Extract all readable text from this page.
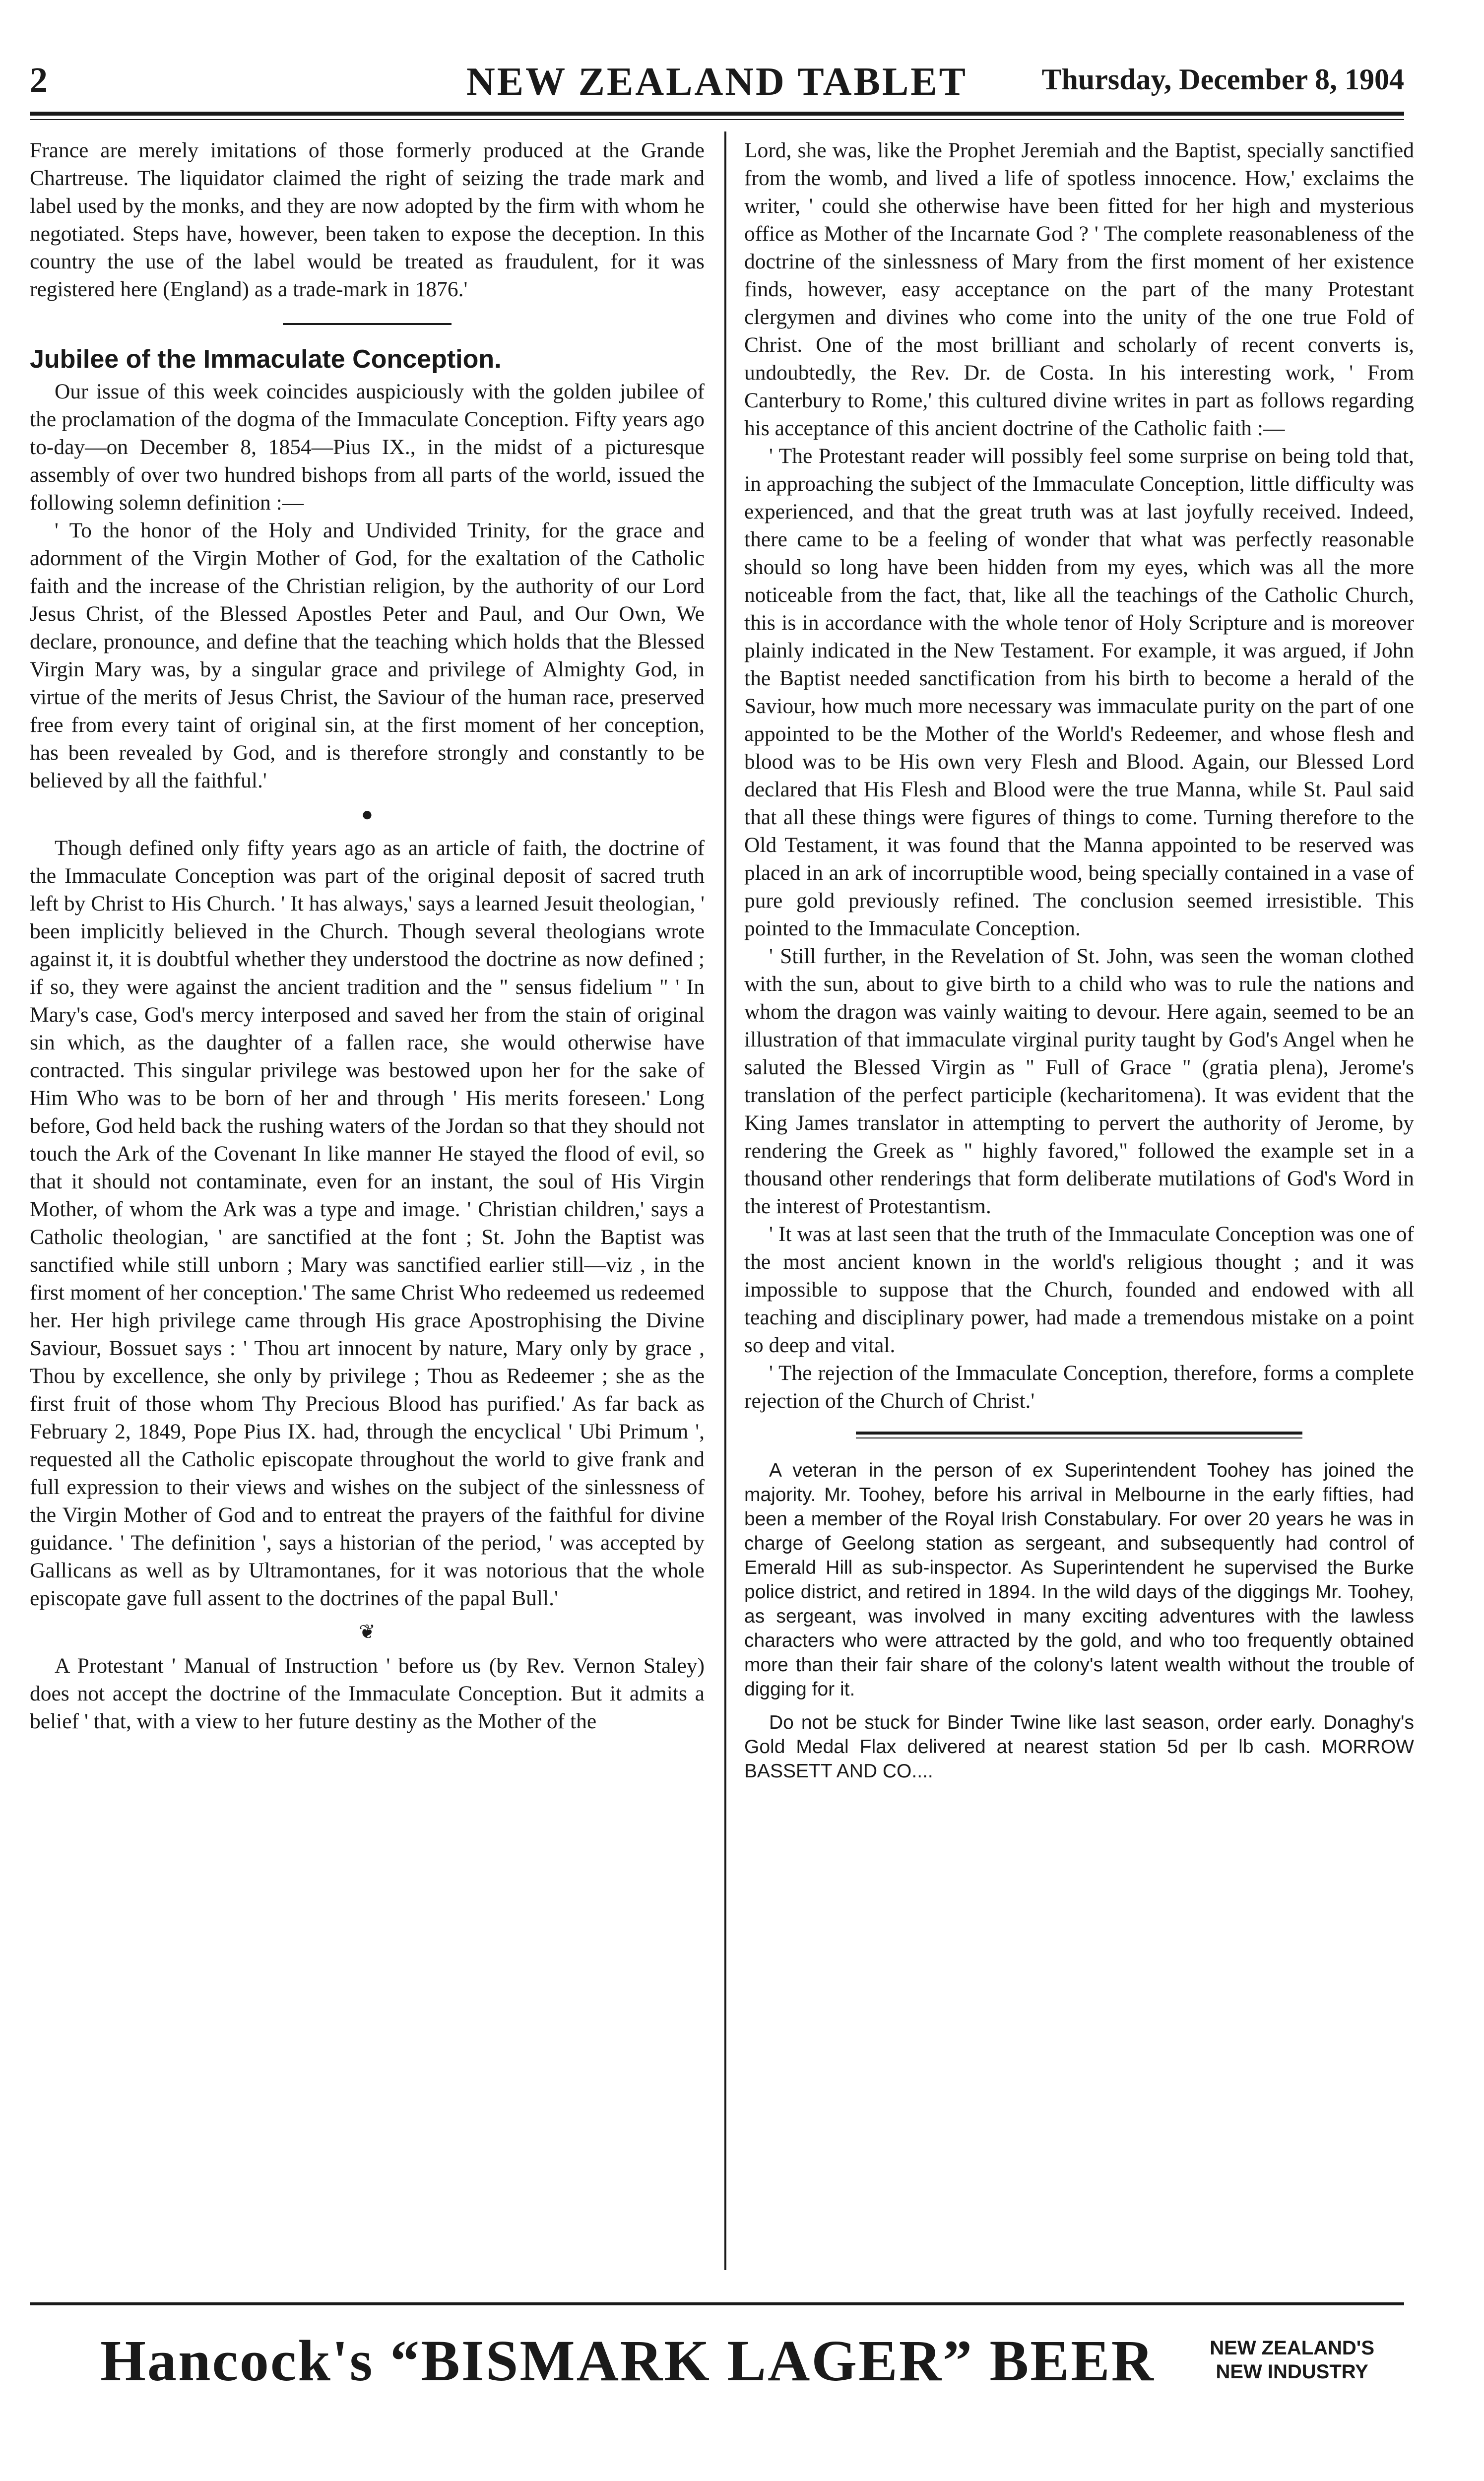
2	NEW ZEALAND TABLET	Thursday, December 8, 1904

France are merely imitations of those formerly produced at the Grande Chartreuse. The liquidator claimed the right of seizing the trade mark and label used by the monks, and they are now adopted by the firm with whom he negotiated. Steps have, however, been taken to expose the deception. In this country the use of the label would be treated as fraudulent, for it was registered here (England) as a trade-mark in 1876.'

Jubilee of the Immaculate Conception.

Our issue of this week coincides auspiciously with the golden jubilee of the proclamation of the dogma of the Immaculate Conception. Fifty years ago to-day—on December 8, 1854—Pius IX., in the midst of a picturesque assembly of over two hundred bishops from all parts of the world, issued the following solemn definition :—

' To the honor of the Holy and Undivided Trinity, for the grace and adornment of the Virgin Mother of God, for the exaltation of the Catholic faith and the increase of the Christian religion, by the authority of our Lord Jesus Christ, of the Blessed Apostles Peter and Paul, and Our Own, We declare, pronounce, and define that the teaching which holds that the Blessed Virgin Mary was, by a singular grace and privilege of Almighty God, in virtue of the merits of Jesus Christ, the Saviour of the human race, preserved free from every taint of original sin, at the first moment of her conception, has been revealed by God, and is therefore strongly and constantly to be believed by all the faithful.'

●

Though defined only fifty years ago as an article of faith, the doctrine of the Immaculate Conception was part of the original deposit of sacred truth left by Christ to His Church. ' It has always,' says a learned Jesuit theologian, ' been implicitly believed in the Church. Though several theologians wrote against it, it is doubtful whether they understood the doctrine as now defined ; if so, they were against the ancient tradition and the " sensus fidelium " ' In Mary's case, God's mercy interposed and saved her from the stain of original sin which, as the daughter of a fallen race, she would otherwise have contracted. This singular privilege was bestowed upon her for the sake of Him Who was to be born of her and through ' His merits foreseen.' Long before, God held back the rushing waters of the Jordan so that they should not touch the Ark of the Covenant In like manner He stayed the flood of evil, so that it should not contaminate, even for an instant, the soul of His Virgin Mother, of whom the Ark was a type and image. ' Christian children,' says a Catholic theologian, ' are sanctified at the font ; St. John the Baptist was sanctified while still unborn ; Mary was sanctified earlier still—viz , in the first moment of her conception.' The same Christ Who redeemed us redeemed her. Her high privilege came through His grace Apostrophising the Divine Saviour, Bossuet says : ' Thou art innocent by nature, Mary only by grace , Thou by excellence, she only by privilege ; Thou as Redeemer ; she as the first fruit of those whom Thy Precious Blood has purified.' As far back as February 2, 1849, Pope Pius IX. had, through the encyclical ' Ubi Primum ', requested all the Catholic episcopate throughout the world to give frank and full expression to their views and wishes on the subject of the sinlessness of the Virgin Mother of God and to entreat the prayers of the faithful for divine guidance. ' The definition ', says a historian of the period, ' was accepted by Gallicans as well as by Ultramontanes, for it was notorious that the whole episcopate gave full assent to the doctrines of the papal Bull.'

❦

A Protestant ' Manual of Instruction ' before us (by Rev. Vernon Staley) does not accept the doctrine of the Immaculate Conception. But it admits a belief ' that, with a view to her future destiny as the Mother of the

Lord, she was, like the Prophet Jeremiah and the Baptist, specially sanctified from the womb, and lived a life of spotless innocence. How,' exclaims the writer, ' could she otherwise have been fitted for her high and mysterious office as Mother of the Incarnate God ? ' The complete reasonableness of the doctrine of the sinlessness of Mary from the first moment of her existence finds, however, easy acceptance on the part of the many Protestant clergymen and divines who come into the unity of the one true Fold of Christ. One of the most brilliant and scholarly of recent converts is, undoubtedly, the Rev. Dr. de Costa. In his interesting work, ' From Canterbury to Rome,' this cultured divine writes in part as follows regarding his acceptance of this ancient doctrine of the Catholic faith :—

' The Protestant reader will possibly feel some surprise on being told that, in approaching the subject of the Immaculate Conception, little difficulty was experienced, and that the great truth was at last joyfully received. Indeed, there came to be a feeling of wonder that what was perfectly reasonable should so long have been hidden from my eyes, which was all the more noticeable from the fact, that, like all the teachings of the Catholic Church, this is in accordance with the whole tenor of Holy Scripture and is moreover plainly indicated in the New Testament. For example, it was argued, if John the Baptist needed sanctification from his birth to become a herald of the Saviour, how much more necessary was immaculate purity on the part of one appointed to be the Mother of the World's Redeemer, and whose flesh and blood was to be His own very Flesh and Blood. Again, our Blessed Lord declared that His Flesh and Blood were the true Manna, while St. Paul said that all these things were figures of things to come. Turning therefore to the Old Testament, it was found that the Manna appointed to be reserved was placed in an ark of incorruptible wood, being specially contained in a vase of pure gold previously refined. The conclusion seemed irresistible. This pointed to the Immaculate Conception.

' Still further, in the Revelation of St. John, was seen the woman clothed with the sun, about to give birth to a child who was to rule the nations and whom the dragon was vainly waiting to devour. Here again, seemed to be an illustration of that immaculate virginal purity taught by God's Angel when he saluted the Blessed Virgin as " Full of Grace " (gratia plena), Jerome's translation of the perfect participle (kecharitomena). It was evident that the King James translator in attempting to pervert the authority of Jerome, by rendering the Greek as " highly favored," followed the example set in a thousand other renderings that form deliberate mutilations of God's Word in the interest of Protestantism.

' It was at last seen that the truth of the Immaculate Conception was one of the most ancient known in the world's religious thought ; and it was impossible to suppose that the Church, founded and endowed with all teaching and disciplinary power, had made a tremendous mistake on a point so deep and vital.

' The rejection of the Immaculate Conception, therefore, forms a complete rejection of the Church of Christ.'

A veteran in the person of ex Superintendent Toohey has joined the majority. Mr. Toohey, before his arrival in Melbourne in the early fifties, had been a member of the Royal Irish Constabulary. For over 20 years he was in charge of Geelong station as sergeant, and subsequently had control of Emerald Hill as sub-inspector. As Superintendent he supervised the Burke police district, and retired in 1894. In the wild days of the diggings Mr. Toohey, as sergeant, was involved in many exciting adventures with the lawless characters who were attracted by the gold, and who too frequently obtained more than their fair share of the colony's latent wealth without the trouble of digging for it.

Do not be stuck for Binder Twine like last season, order early. Donaghy's Gold Medal Flax delivered at nearest station 5d per lb cash. MORROW BASSETT AND CO....

Hancock's “BISMARK LAGER” BEER	NEW ZEALAND'S
NEW INDUSTRY
